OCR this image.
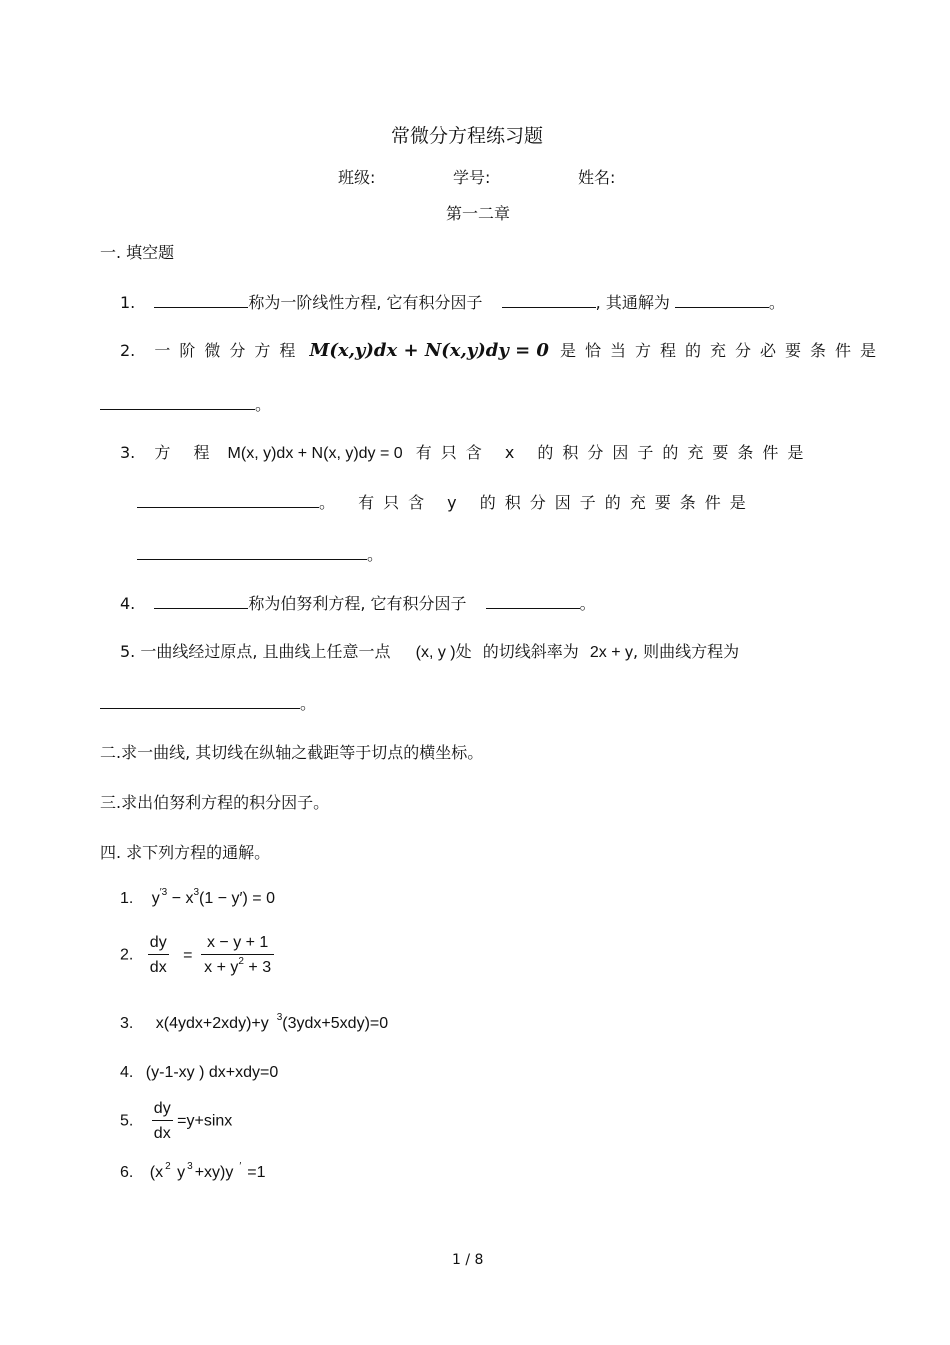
常微分方程练习题
班级:	学号:	姓名:
第一二章
一. 填空题
1.	称为一阶线性方程, 它有积分因子	, 其通解为	。
2. 一阶微分方程 M(x,y)dx + N(x,y)dy = 0 是恰当方程的充分必要条件是
。
3. 方 程 M(x, y)dx + N(x, y)dy = 0 有只含 x 的积分因子的充要条件是
。 有只含 y 的积分因子的充要条件是
。
4.	称为伯努利方程, 它有积分因子	。
5. 一曲线经过原点, 且曲线上任意一点 (x, y )处 的切线斜率为 2x + y, 则曲线方程为
。
二.求一曲线, 其切线在纵轴之截距等于切点的横坐标。
三.求出伯努利方程的积分因子。
四. 求下列方程的通解。
1. $y^{'3} - x^3(1 - y') = 0$
2. $\frac{dy}{dx} = \frac{x - y + 1}{x + y^2 + 3}$
3. x(4ydx+2xdy)+y $^3$(3ydx+5xdy)=0
4. (y-1-xy ) dx+xdy=0
5. $\frac{dy}{dx} =y+\sin x$
6. (x $^2$ y $^3$ +xy)y ′ =1
1 / 8
